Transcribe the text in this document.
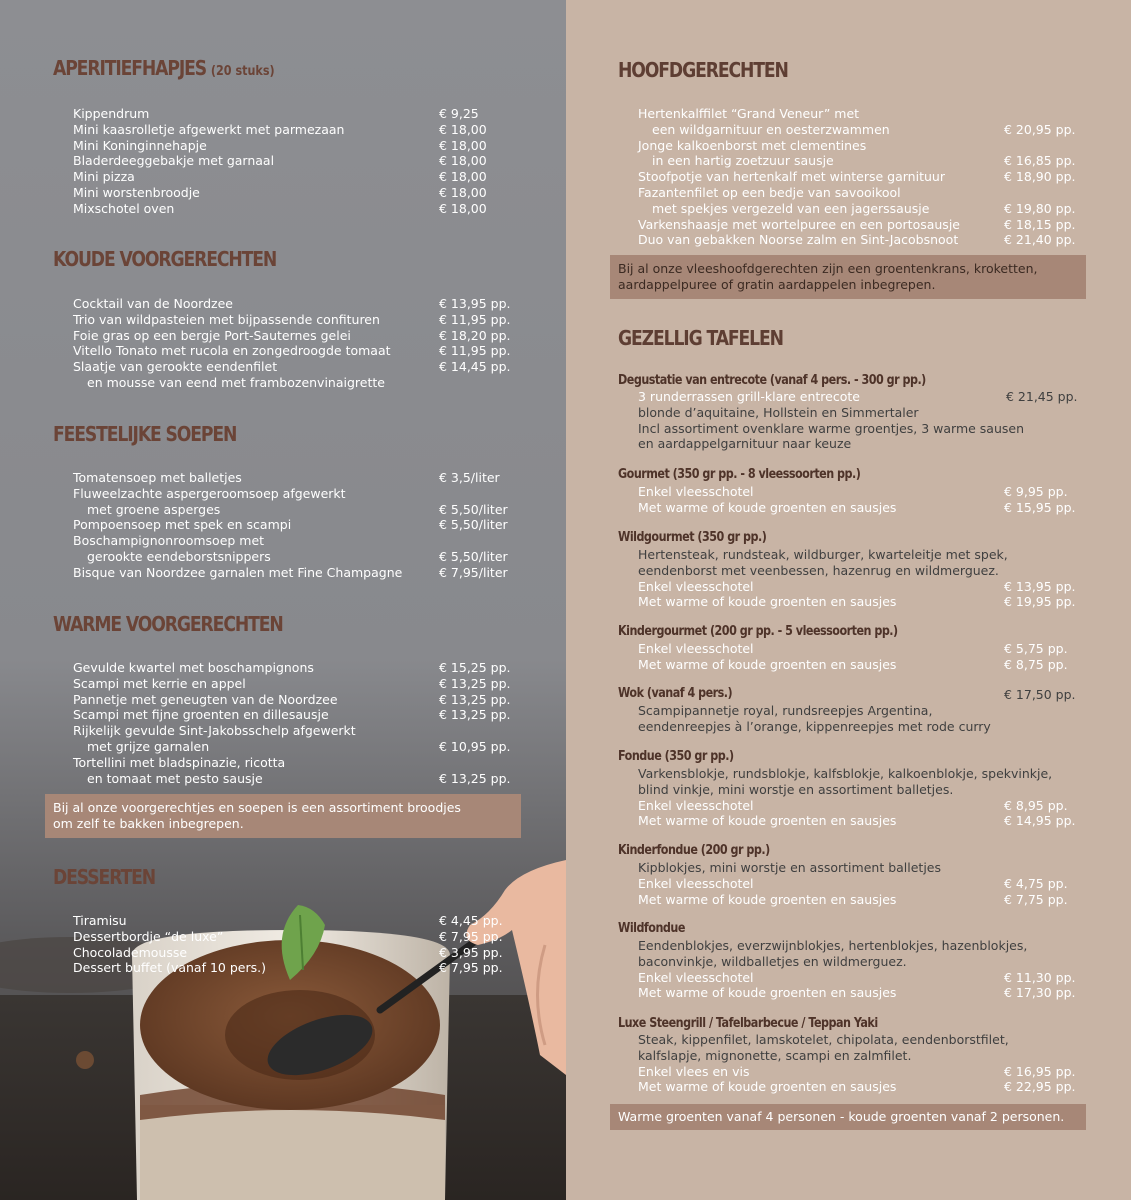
APERITIEFHAPJES (20 stuks)
Kippendrum	€ 9,25
Mini kaasrolletje afgewerkt met parmezaan	€ 18,00
Mini Koninginnehapje	€ 18,00
Bladerdeeggebakje met garnaal	€ 18,00
Mini pizza	€ 18,00
Mini worstenbroodje	€ 18,00
Mixschotel oven	€ 18,00
KOUDE VOORGERECHTEN
Cocktail van de Noordzee	€ 13,95 pp.
Trio van wildpasteien met bijpassende confituren	€ 11,95 pp.
Foie gras op een bergje Port-Sauternes gelei	€ 18,20 pp.
Vitello Tonato met rucola en zongedroogde tomaat	€ 11,95 pp.
Slaatje van gerookte eendenfilet	€ 14,45 pp.
en mousse van eend met frambozenvinaigrette
FEESTELIJKE SOEPEN
Tomatensoep met balletjes	€ 3,5/liter
Fluweelzachte aspergeroomsoep afgewerkt
met groene asperges	€ 5,50/liter
Pompoensoep met spek en scampi	€ 5,50/liter
Boschampignonroomsoep met
gerookte eendeborstsnippers	€ 5,50/liter
Bisque van Noordzee garnalen met Fine Champagne	€ 7,95/liter
WARME VOORGERECHTEN
Gevulde kwartel met boschampignons	€ 15,25 pp.
Scampi met kerrie en appel	€ 13,25 pp.
Pannetje met geneugten van de Noordzee	€ 13,25 pp.
Scampi met fijne groenten en dillesausje	€ 13,25 pp.
Rijkelijk gevulde Sint-Jakobsschelp afgewerkt
met grijze garnalen	€ 10,95 pp.
Tortellini met bladspinazie, ricotta
en tomaat met pesto sausje	€ 13,25 pp.
Bij al onze voorgerechtjes en soepen is een assortiment broodjes
om zelf te bakken inbegrepen.
DESSERTEN
Tiramisu	€ 4,45 pp.
Dessertbordje “de luxe”	€ 7,95 pp.
Chocolademousse	€ 3,95 pp.
Dessert buffet (vanaf 10 pers.)	€ 7,95 pp.
HOOFDGERECHTEN
Hertenkalffilet “Grand Veneur” met
een wildgarnituur en oesterzwammen	€ 20,95 pp.
Jonge kalkoenborst met clementines
in een hartig zoetzuur sausje	€ 16,85 pp.
Stoofpotje van hertenkalf met winterse garnituur	€ 18,90 pp.
Fazantenfilet op een bedje van savooikool
met spekjes vergezeld van een jagerssausje	€ 19,80 pp.
Varkenshaasje met wortelpuree en een portosausje	€ 18,15 pp.
Duo van gebakken Noorse zalm en Sint-Jacobsnoot	€ 21,40 pp.
Bij al onze vleeshoofdgerechten zijn een groentenkrans, kroketten,
aardappelpuree of gratin aardappelen inbegrepen.
GEZELLIG TAFELEN
Degustatie van entrecote (vanaf 4 pers. - 300 gr pp.)
3 runderrassen grill-klare entrecote	€ 21,45 pp.
blonde d’aquitaine, Hollstein en Simmertaler
Incl assortiment ovenklare warme groentjes, 3 warme sausen
en aardappelgarnituur naar keuze
Gourmet (350 gr pp. - 8 vleessoorten pp.)
Enkel vleesschotel	€ 9,95 pp.
Met warme of koude groenten en sausjes	€ 15,95 pp.
Wildgourmet (350 gr pp.)
Hertensteak, rundsteak, wildburger, kwarteleitje met spek,
eendenborst met veenbessen, hazenrug en wildmerguez.
Enkel vleesschotel	€ 13,95 pp.
Met warme of koude groenten en sausjes	€ 19,95 pp.
Kindergourmet (200 gr pp. - 5 vleessoorten pp.)
Enkel vleesschotel	€ 5,75 pp.
Met warme of koude groenten en sausjes	€ 8,75 pp.
Wok (vanaf 4 pers.)	€ 17,50 pp.
Scampipannetje royal, rundsreepjes Argentina,
eendenreepjes à l’orange, kippenreepjes met rode curry
Fondue (350 gr pp.)
Varkensblokje, rundsblokje, kalfsblokje, kalkoenblokje, spekvinkje,
blind vinkje, mini worstje en assortiment balletjes.
Enkel vleesschotel	€ 8,95 pp.
Met warme of koude groenten en sausjes	€ 14,95 pp.
Kinderfondue (200 gr pp.)
Kipblokjes, mini worstje en assortiment balletjes
Enkel vleesschotel	€ 4,75 pp.
Met warme of koude groenten en sausjes	€ 7,75 pp.
Wildfondue
Eendenblokjes, everzwijnblokjes, hertenblokjes, hazenblokjes,
baconvinkje, wildballetjes en wildmerguez.
Enkel vleesschotel	€ 11,30 pp.
Met warme of koude groenten en sausjes	€ 17,30 pp.
Luxe Steengrill / Tafelbarbecue / Teppan Yaki
Steak, kippenfilet, lamskotelet, chipolata, eendenborstfilet,
kalfslapje, mignonette, scampi en zalmfilet.
Enkel vlees en vis	€ 16,95 pp.
Met warme of koude groenten en sausjes	€ 22,95 pp.
Warme groenten vanaf 4 personen - koude groenten vanaf 2 personen.
